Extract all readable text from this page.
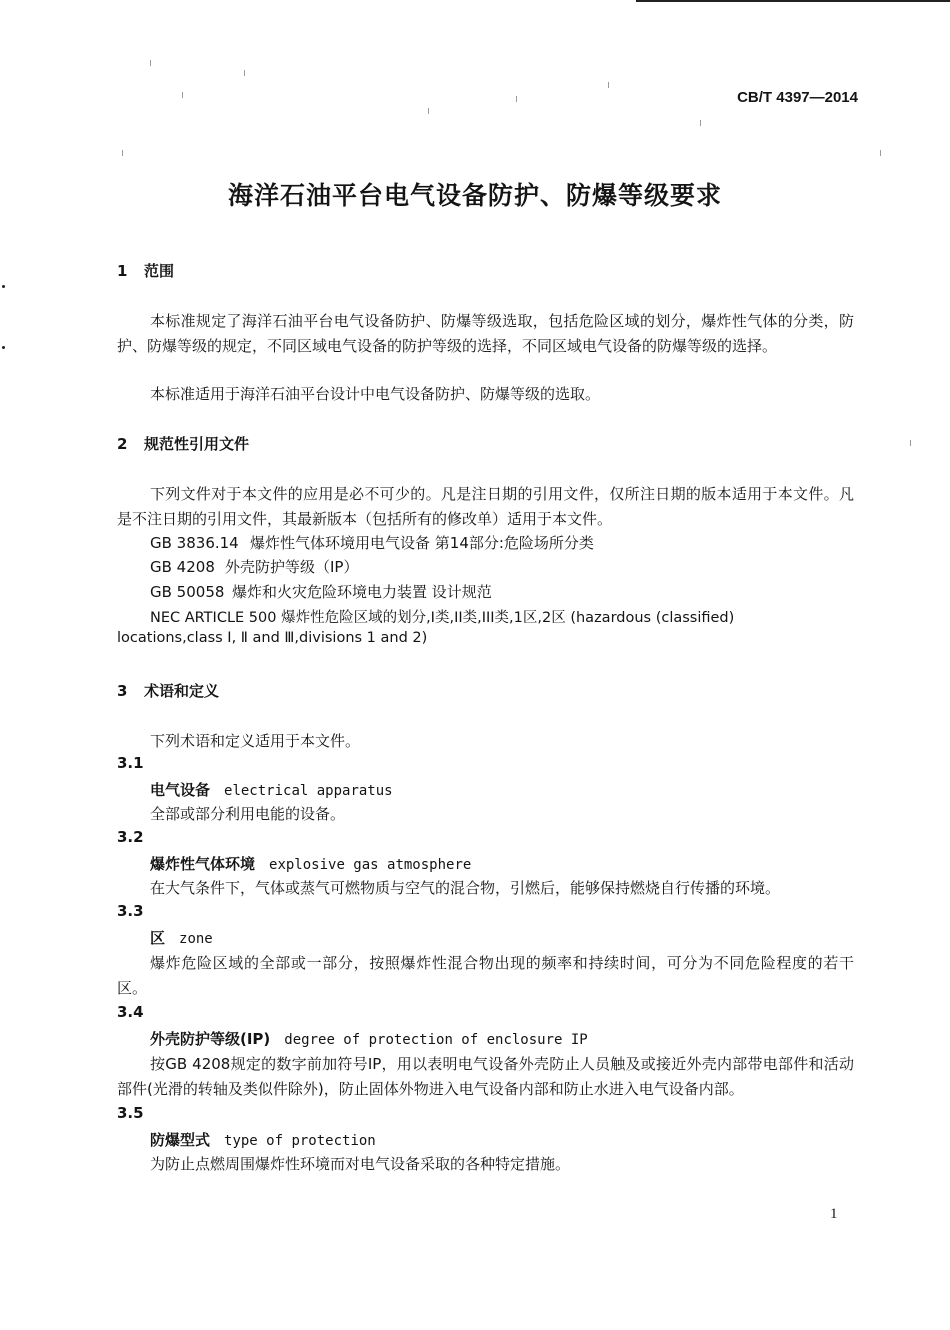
CB/T 4397—2014
海洋石油平台电气设备防护、防爆等级要求
1 范围
本标准规定了海洋石油平台电气设备防护、防爆等级选取，包括危险区域的划分，爆炸性气体的分类，防护、防爆等级的规定，不同区域电气设备的防护等级的选择，不同区域电气设备的防爆等级的选择。
本标准适用于海洋石油平台设计中电气设备防护、防爆等级的选取。
2 规范性引用文件
下列文件对于本文件的应用是必不可少的。凡是注日期的引用文件，仅所注日期的版本适用于本文件。凡是不注日期的引用文件，其最新版本（包括所有的修改单）适用于本文件。
GB 3836.14 爆炸性气体环境用电气设备 第14部分:危险场所分类
GB 4208 外壳防护等级（IP）
GB 50058 爆炸和火灾危险环境电力装置 设计规范
NEC ARTICLE 500 爆炸性危险区域的划分,I类,II类,III类,1区,2区 (hazardous (classified)
locations,class Ⅰ, Ⅱ and Ⅲ,divisions 1 and 2)
3 术语和定义
下列术语和定义适用于本文件。
3.1
电气设备 electrical apparatus
全部或部分利用电能的设备。
3.2
爆炸性气体环境 explosive gas atmosphere
在大气条件下，气体或蒸气可燃物质与空气的混合物，引燃后，能够保持燃烧自行传播的环境。
3.3
区 zone
爆炸危险区域的全部或一部分，按照爆炸性混合物出现的频率和持续时间，可分为不同危险程度的若干区。
3.4
外壳防护等级(IP) degree of protection of enclosure IP
按GB 4208规定的数字前加符号IP，用以表明电气设备外壳防止人员触及或接近外壳内部带电部件和活动部件(光滑的转轴及类似件除外)，防止固体外物进入电气设备内部和防止水进入电气设备内部。
3.5
防爆型式 type of protection
为防止点燃周围爆炸性环境而对电气设备采取的各种特定措施。
1
